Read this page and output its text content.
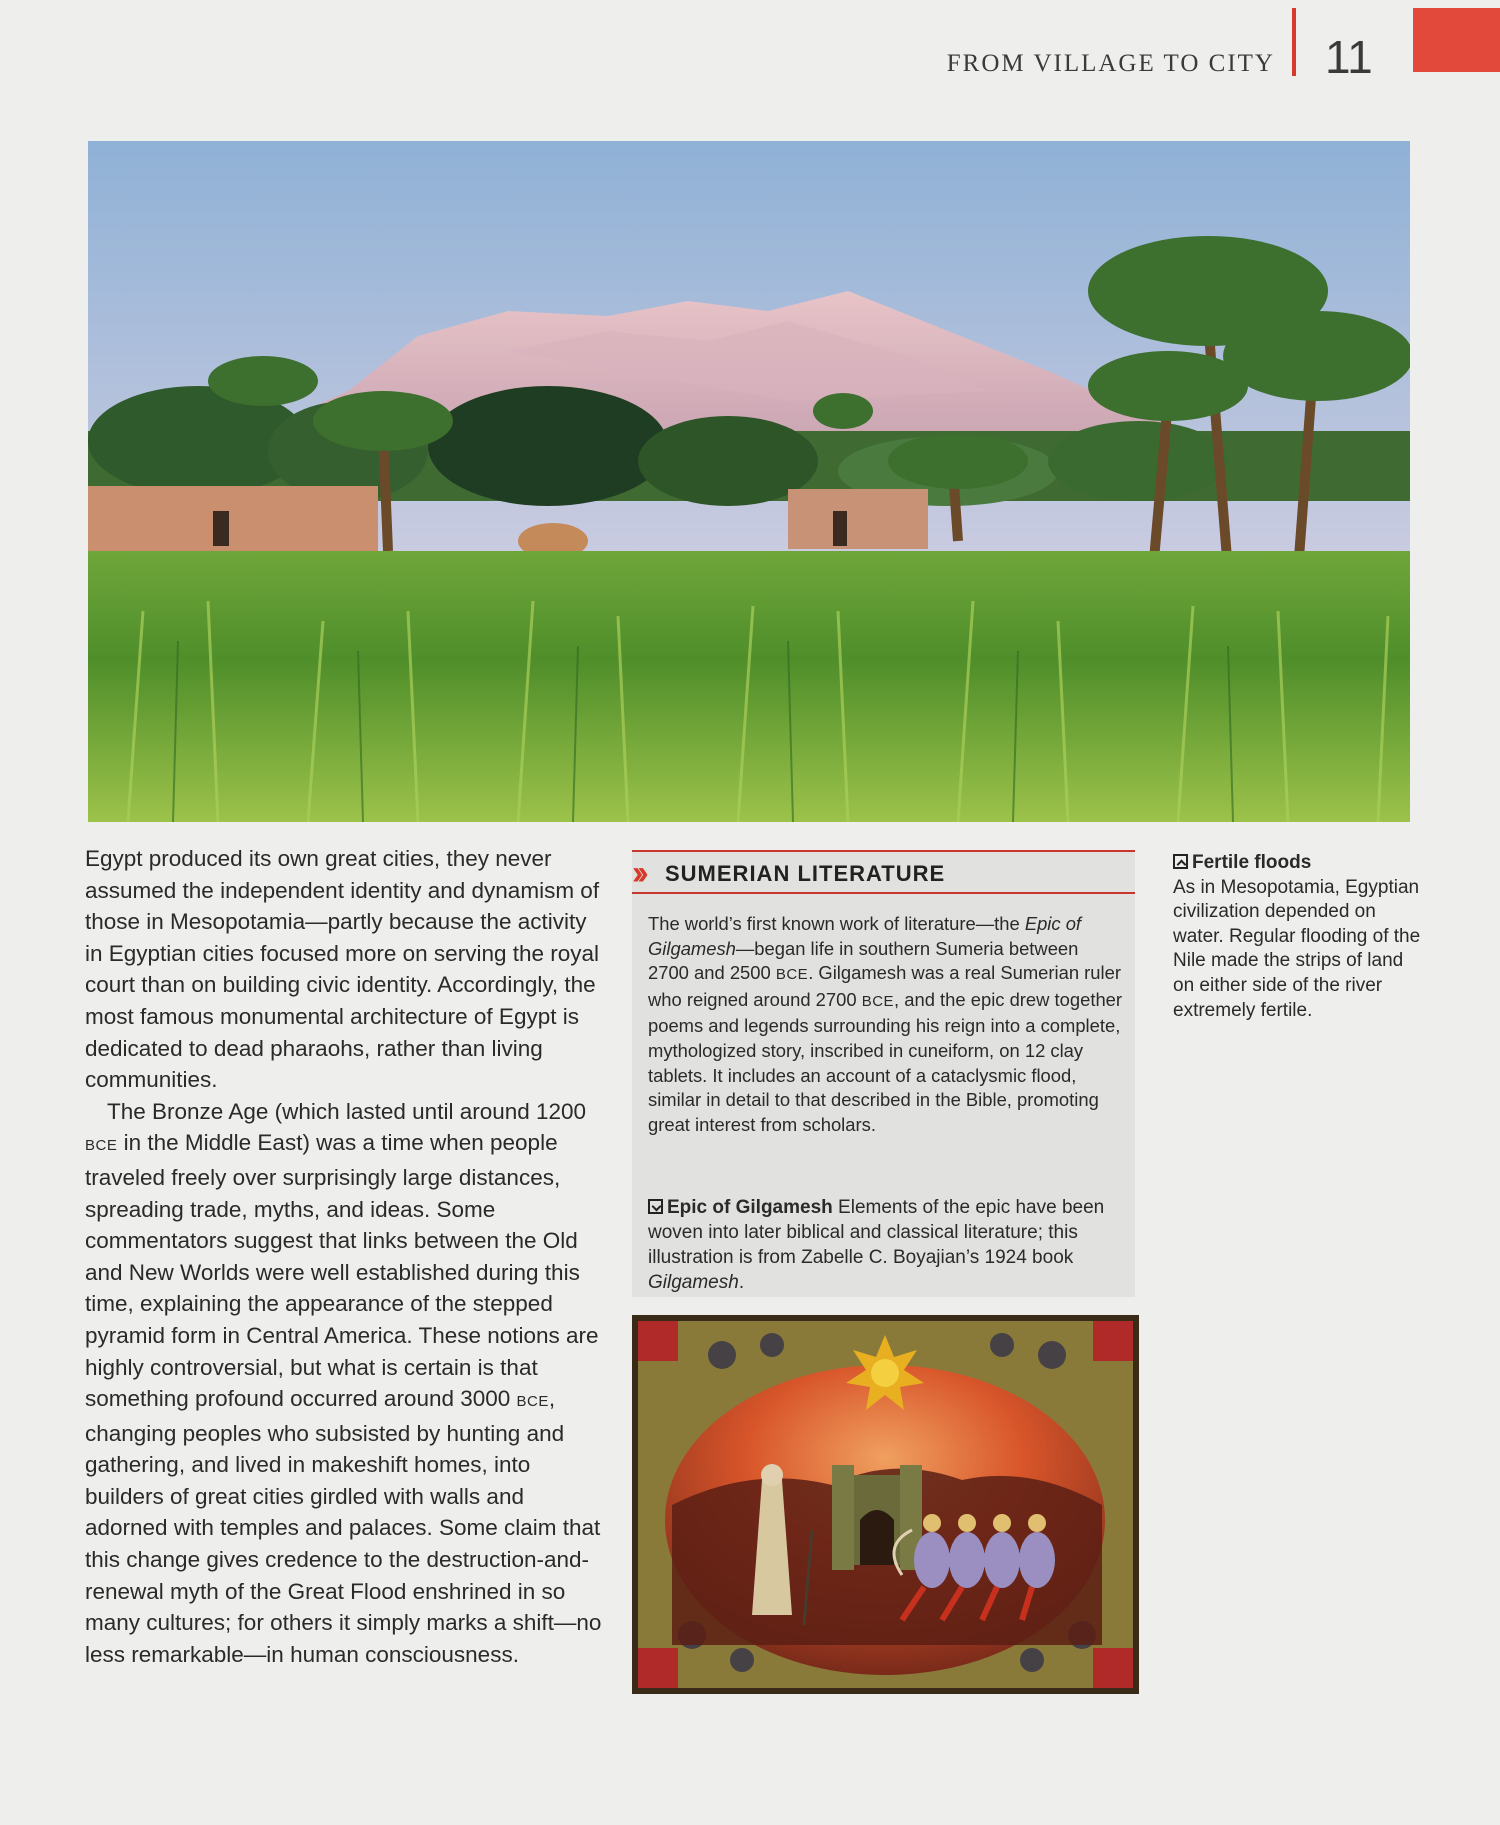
FROM VILLAGE TO CITY 11

Egypt produced its own great cities, they never assumed the independent identity and dynamism of those in Mesopotamia—partly because the activity in Egyptian cities focused more on serving the royal court than on building civic identity. Accordingly, the most famous monumental architecture of Egypt is dedicated to dead pharaohs, rather than living communities.

The Bronze Age (which lasted until around 1200 BCE in the Middle East) was a time when people traveled freely over surprisingly large distances, spreading trade, myths, and ideas. Some commentators suggest that links between the Old and New Worlds were well established during this time, explaining the appearance of the stepped pyramid form in Central America. These notions are highly controversial, but what is certain is that something profound occurred around 3000 BCE, changing peoples who subsisted by hunting and gathering, and lived in makeshift homes, into builders of great cities girdled with walls and adorned with temples and palaces. Some claim that this change gives credence to the destruction-and-renewal myth of the Great Flood enshrined in so many cultures; for others it simply marks a shift—no less remarkable—in human consciousness.

›› SUMERIAN LITERATURE

The world’s first known work of literature—the Epic of Gilgamesh—began life in southern Sumeria between 2700 and 2500 BCE. Gilgamesh was a real Sumerian ruler who reigned around 2700 BCE, and the epic drew together poems and legends surrounding his reign into a complete, mythologized story, inscribed in cuneiform, on 12 clay tablets. It includes an account of a cataclysmic flood, similar in detail to that described in the Bible, promoting great interest from scholars.

Epic of Gilgamesh Elements of the epic have been woven into later biblical and classical literature; this illustration is from Zabelle C. Boyajian’s 1924 book Gilgamesh.

Fertile floods

As in Mesopotamia, Egyptian civilization depended on water. Regular flooding of the Nile made the strips of land on either side of the river extremely fertile.
